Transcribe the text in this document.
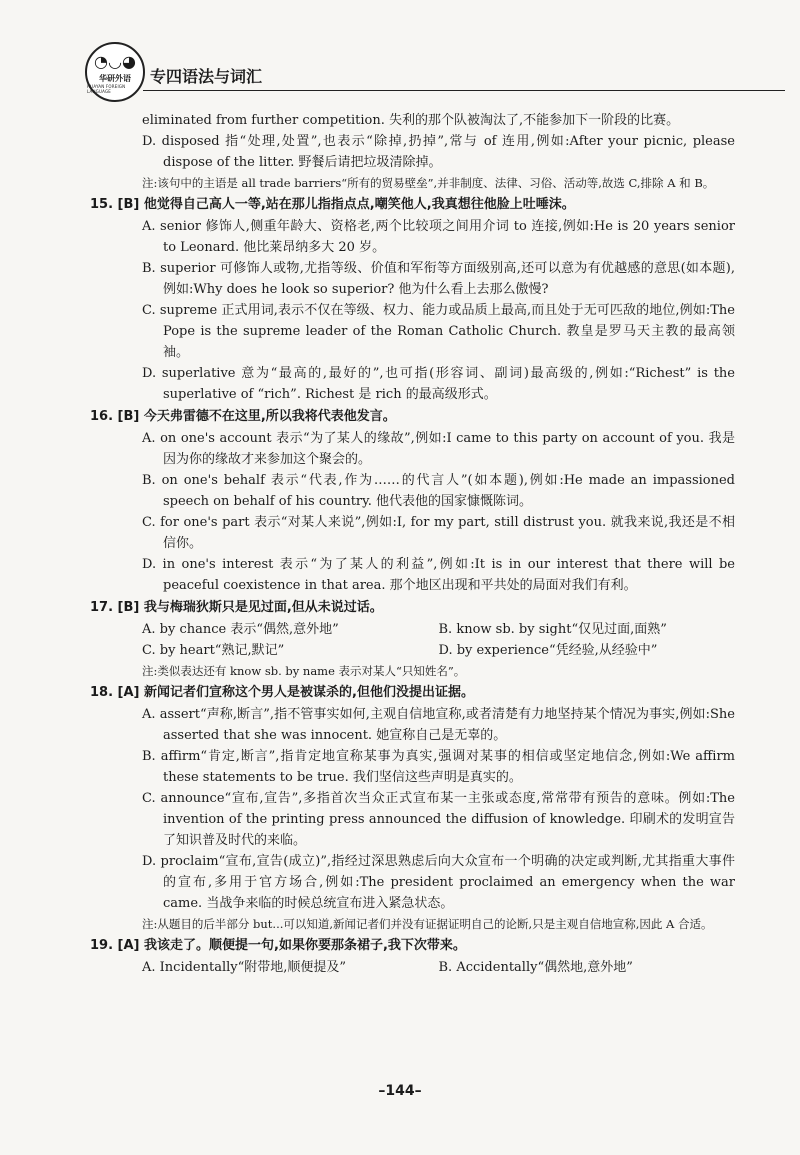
◔◡◕
华研外语
HUAYAN FOREIGN LANGUAGE
专四语法与词汇
eliminated from further competition. 失利的那个队被淘汰了,不能参加下一阶段的比赛。
D. disposed 指“处理,处置”,也表示“除掉,扔掉”,常与 of 连用,例如:After your picnic, please dispose of the litter. 野餐后请把垃圾清除掉。
注:该句中的主语是 all trade barriers“所有的贸易壁垒”,并非制度、法律、习俗、活动等,故选 C,排除 A 和 B。
15. [B] 他觉得自己高人一等,站在那儿指指点点,嘲笑他人,我真想往他脸上吐唾沫。
A. senior 修饰人,侧重年龄大、资格老,两个比较项之间用介词 to 连接,例如:He is 20 years senior to Leonard. 他比莱昂纳多大 20 岁。
B. superior 可修饰人或物,尤指等级、价值和军衔等方面级别高,还可以意为有优越感的意思(如本题),例如:Why does he look so superior? 他为什么看上去那么傲慢?
C. supreme 正式用词,表示不仅在等级、权力、能力或品质上最高,而且处于无可匹敌的地位,例如:The Pope is the supreme leader of the Roman Catholic Church. 教皇是罗马天主教的最高领袖。
D. superlative 意为“最高的,最好的”,也可指(形容词、副词)最高级的,例如:“Richest” is the superlative of “rich”. Richest 是 rich 的最高级形式。
16. [B] 今天弗雷德不在这里,所以我将代表他发言。
A. on one's account 表示“为了某人的缘故”,例如:I came to this party on account of you. 我是因为你的缘故才来参加这个聚会的。
B. on one's behalf 表示“代表,作为……的代言人”(如本题),例如:He made an impassioned speech on behalf of his country. 他代表他的国家慷慨陈词。
C. for one's part 表示“对某人来说”,例如:I, for my part, still distrust you. 就我来说,我还是不相信你。
D. in one's interest 表示“为了某人的利益”,例如:It is in our interest that there will be peaceful coexistence in that area. 那个地区出现和平共处的局面对我们有利。
17. [B] 我与梅瑞狄斯只是见过面,但从未说过话。
A. by chance 表示“偶然,意外地”	B. know sb. by sight“仅见过面,面熟”
C. by heart“熟记,默记”	D. by experience“凭经验,从经验中”
注:类似表达还有 know sb. by name 表示对某人“只知姓名”。
18. [A] 新闻记者们宣称这个男人是被谋杀的,但他们没提出证据。
A. assert“声称,断言”,指不管事实如何,主观自信地宣称,或者清楚有力地坚持某个情况为事实,例如:She asserted that she was innocent. 她宣称自己是无辜的。
B. affirm“肯定,断言”,指肯定地宣称某事为真实,强调对某事的相信或坚定地信念,例如:We affirm these statements to be true. 我们坚信这些声明是真实的。
C. announce“宣布,宣告”,多指首次当众正式宣布某一主张或态度,常常带有预告的意味。例如:The invention of the printing press announced the diffusion of knowledge. 印刷术的发明宣告了知识普及时代的来临。
D. proclaim“宣布,宣告(成立)”,指经过深思熟虑后向大众宣布一个明确的决定或判断,尤其指重大事件的宣布,多用于官方场合,例如:The president proclaimed an emergency when the war came. 当战争来临的时候总统宣布进入紧急状态。
注:从题目的后半部分 but...可以知道,新闻记者们并没有证据证明自己的论断,只是主观自信地宣称,因此 A 合适。
19. [A] 我该走了。顺便提一句,如果你要那条裙子,我下次带来。
A. Incidentally“附带地,顺便提及”	B. Accidentally“偶然地,意外地”
–144–
